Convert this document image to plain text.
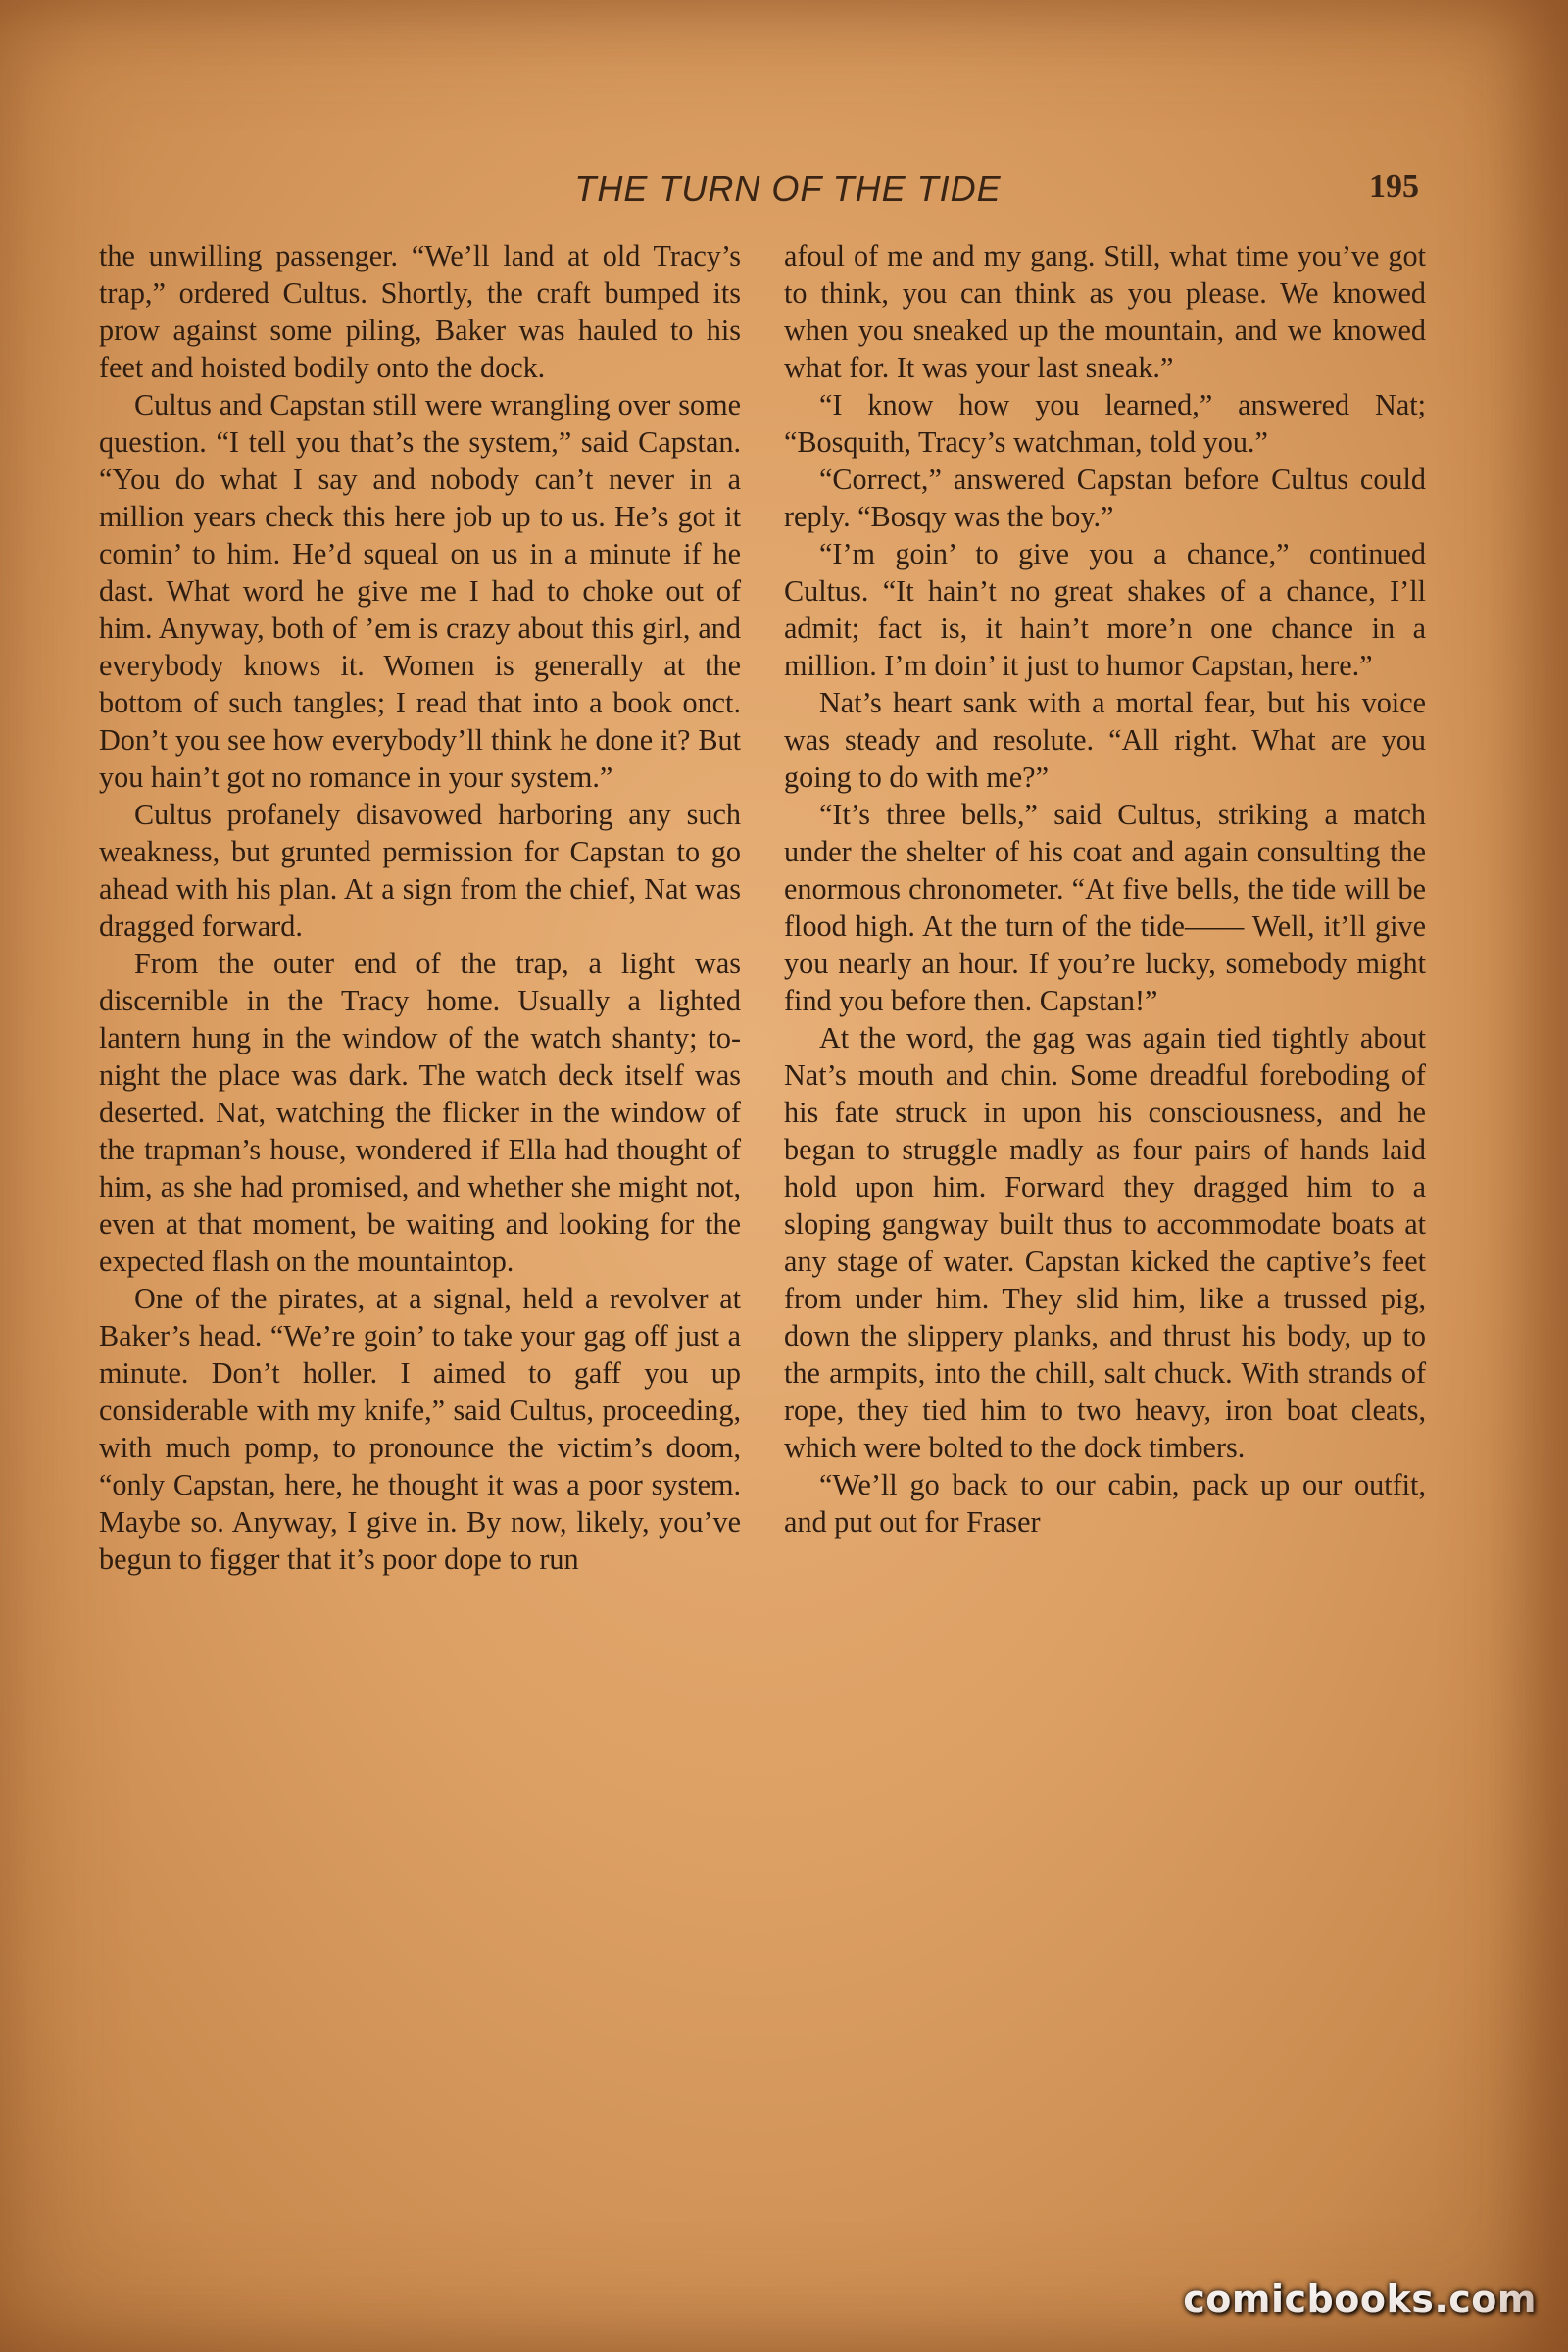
THE TURN OF THE TIDE	195

the unwilling passenger. “We’ll land at old Tracy’s trap,” ordered Cultus. Shortly, the craft bumped its prow against some piling, Baker was hauled to his feet and hoisted bodily onto the dock.

Cultus and Capstan still were wrangling over some question. “I tell you that’s the system,” said Capstan. “You do what I say and nobody can’t never in a million years check this here job up to us. He’s got it comin’ to him. He’d squeal on us in a minute if he dast. What word he give me I had to choke out of him. Anyway, both of ’em is crazy about this girl, and everybody knows it. Women is generally at the bottom of such tangles; I read that into a book onct. Don’t you see how everybody’ll think he done it? But you hain’t got no romance in your system.”

Cultus profanely disavowed harboring any such weakness, but grunted permission for Capstan to go ahead with his plan. At a sign from the chief, Nat was dragged forward.

From the outer end of the trap, a light was discernible in the Tracy home. Usually a lighted lantern hung in the window of the watch shanty; to-night the place was dark. The watch deck itself was deserted. Nat, watching the flicker in the window of the trapman’s house, wondered if Ella had thought of him, as she had promised, and whether she might not, even at that moment, be waiting and looking for the expected flash on the mountaintop.

One of the pirates, at a signal, held a revolver at Baker’s head. “We’re goin’ to take your gag off just a minute. Don’t holler. I aimed to gaff you up considerable with my knife,” said Cultus, proceeding, with much pomp, to pronounce the victim’s doom, “only Capstan, here, he thought it was a poor system. Maybe so. Anyway, I give in. By now, likely, you’ve begun to figger that it’s poor dope to run

afoul of me and my gang. Still, what time you’ve got to think, you can think as you please. We knowed when you sneaked up the mountain, and we knowed what for. It was your last sneak.”

“I know how you learned,” answered Nat; “Bosquith, Tracy’s watchman, told you.”

“Correct,” answered Capstan before Cultus could reply. “Bosqy was the boy.”

“I’m goin’ to give you a chance,” continued Cultus. “It hain’t no great shakes of a chance, I’ll admit; fact is, it hain’t more’n one chance in a million. I’m doin’ it just to humor Capstan, here.”

Nat’s heart sank with a mortal fear, but his voice was steady and resolute. “All right. What are you going to do with me?”

“It’s three bells,” said Cultus, striking a match under the shelter of his coat and again consulting the enormous chronometer. “At five bells, the tide will be flood high. At the turn of the tide—— Well, it’ll give you nearly an hour. If you’re lucky, somebody might find you before then. Capstan!”

At the word, the gag was again tied tightly about Nat’s mouth and chin. Some dreadful foreboding of his fate struck in upon his consciousness, and he began to struggle madly as four pairs of hands laid hold upon him. Forward they dragged him to a sloping gangway built thus to accommodate boats at any stage of water. Capstan kicked the captive’s feet from under him. They slid him, like a trussed pig, down the slippery planks, and thrust his body, up to the armpits, into the chill, salt chuck. With strands of rope, they tied him to two heavy, iron boat cleats, which were bolted to the dock timbers.

“We’ll go back to our cabin, pack up our outfit, and put out for Fraser

comicbooks.com
